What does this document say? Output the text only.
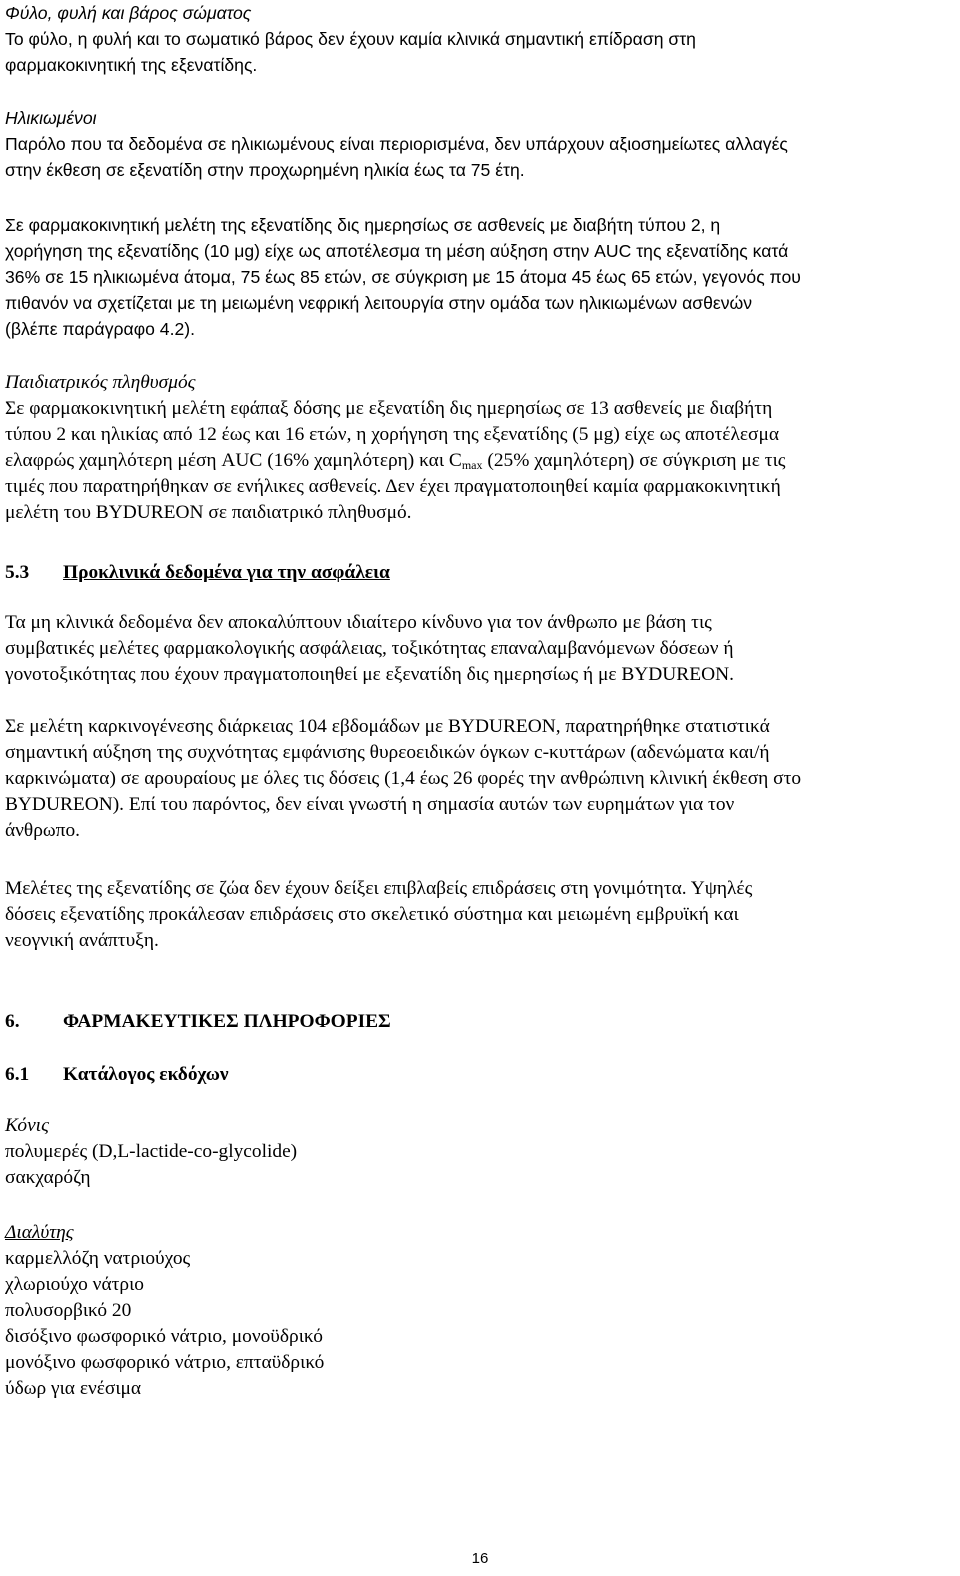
Φύλο, φυλή και βάρος σώματος
Το φύλο, η φυλή και το σωματικό βάρος δεν έχουν καμία κλινικά σημαντική επίδραση στη
φαρμακοκινητική της εξενατίδης.
Ηλικιωμένοι
Παρόλο που τα δεδομένα σε ηλικιωμένους είναι περιορισμένα, δεν υπάρχουν αξιοσημείωτες αλλαγές
στην έκθεση σε εξενατίδη στην προχωρημένη ηλικία έως τα 75 έτη.
Σε φαρμακοκινητική μελέτη της εξενατίδης δις ημερησίως σε ασθενείς με διαβήτη τύπου 2, η
χορήγηση της εξενατίδης (10 μg) είχε ως αποτέλεσμα τη μέση αύξηση στην AUC της εξενατίδης κατά
36% σε 15 ηλικιωμένα άτομα, 75 έως 85 ετών, σε σύγκριση με 15 άτομα 45 έως 65 ετών, γεγονός που
πιθανόν να σχετίζεται με τη μειωμένη νεφρική λειτουργία στην ομάδα των ηλικιωμένων ασθενών
(βλέπε παράγραφο 4.2).
Παιδιατρικός πληθυσμός
Σε φαρμακοκινητική μελέτη εφάπαξ δόσης με εξενατίδη δις ημερησίως σε 13 ασθενείς με διαβήτη
τύπου 2 και ηλικίας από 12 έως και 16 ετών, η χορήγηση της εξενατίδης (5 μg) είχε ως αποτέλεσμα
ελαφρώς χαμηλότερη μέση AUC (16% χαμηλότερη) και $C_{max}$ (25% χαμηλότερη) σε σύγκριση με τις
τιμές που παρατηρήθηκαν σε ενήλικες ασθενείς. Δεν έχει πραγματοποιηθεί καμία φαρμακοκινητική
μελέτη του BYDUREON σε παιδιατρικό πληθυσμό.
5.3 Προκλινικά δεδομένα για την ασφάλεια
Τα μη κλινικά δεδομένα δεν αποκαλύπτουν ιδιαίτερο κίνδυνο για τον άνθρωπο με βάση τις
συμβατικές μελέτες φαρμακολογικής ασφάλειας, τοξικότητας επαναλαμβανόμενων δόσεων ή
γονοτοξικότητας που έχουν πραγματοποιηθεί με εξενατίδη δις ημερησίως ή με BYDUREON.
Σε μελέτη καρκινογένεσης διάρκειας 104 εβδομάδων με BYDUREON, παρατηρήθηκε στατιστικά
σημαντική αύξηση της συχνότητας εμφάνισης θυρεοειδικών όγκων c-κυττάρων (αδενώματα και/ή
καρκινώματα) σε αρουραίους με όλες τις δόσεις (1,4 έως 26 φορές την ανθρώπινη κλινική έκθεση στο
BYDUREON). Επί του παρόντος, δεν είναι γνωστή η σημασία αυτών των ευρημάτων για τον
άνθρωπο.
Μελέτες της εξενατίδης σε ζώα δεν έχουν δείξει επιβλαβείς επιδράσεις στη γονιμότητα. Υψηλές
δόσεις εξενατίδης προκάλεσαν επιδράσεις στο σκελετικό σύστημα και μειωμένη εμβρυϊκή και
νεογνική ανάπτυξη.
6. ΦΑΡΜΑΚΕΥΤΙΚΕΣ ΠΛΗΡΟΦΟΡΙΕΣ
6.1 Κατάλογος εκδόχων
Κόνις
πολυμερές (D,L-lactide-co-glycolide)
σακχαρόζη
Διαλύτης
καρμελλόζη νατριούχος
χλωριούχο νάτριο
πολυσορβικό 20
δισόξινο φωσφορικό νάτριο, μονοϋδρικό
μονόξινο φωσφορικό νάτριο, επταϋδρικό
ύδωρ για ενέσιμα
16
